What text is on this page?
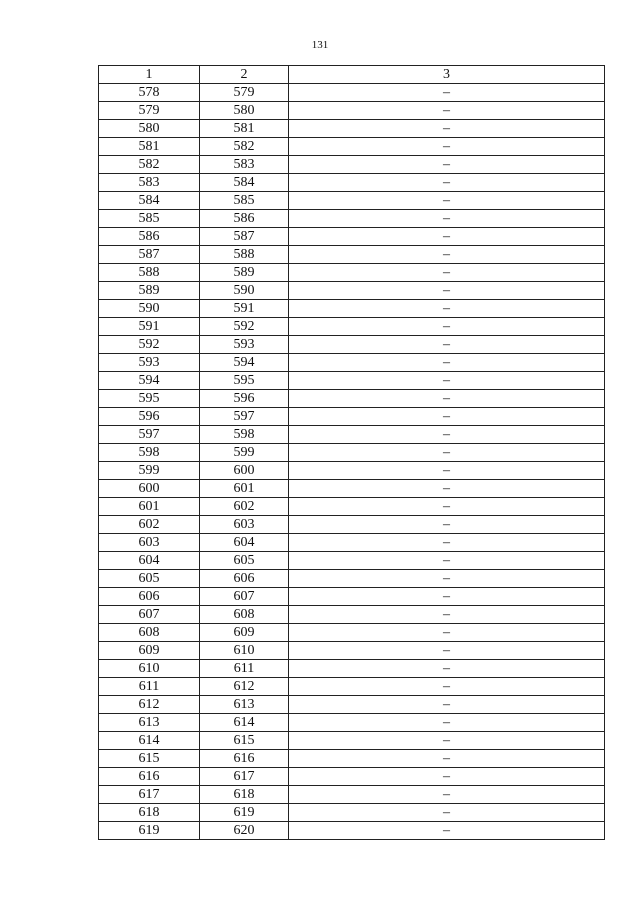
131
1	2	3
578	579	–
579	580	–
580	581	–
581	582	–
582	583	–
583	584	–
584	585	–
585	586	–
586	587	–
587	588	–
588	589	–
589	590	–
590	591	–
591	592	–
592	593	–
593	594	–
594	595	–
595	596	–
596	597	–
597	598	–
598	599	–
599	600	–
600	601	–
601	602	–
602	603	–
603	604	–
604	605	–
605	606	–
606	607	–
607	608	–
608	609	–
609	610	–
610	611	–
611	612	–
612	613	–
613	614	–
614	615	–
615	616	–
616	617	–
617	618	–
618	619	–
619	620	–
